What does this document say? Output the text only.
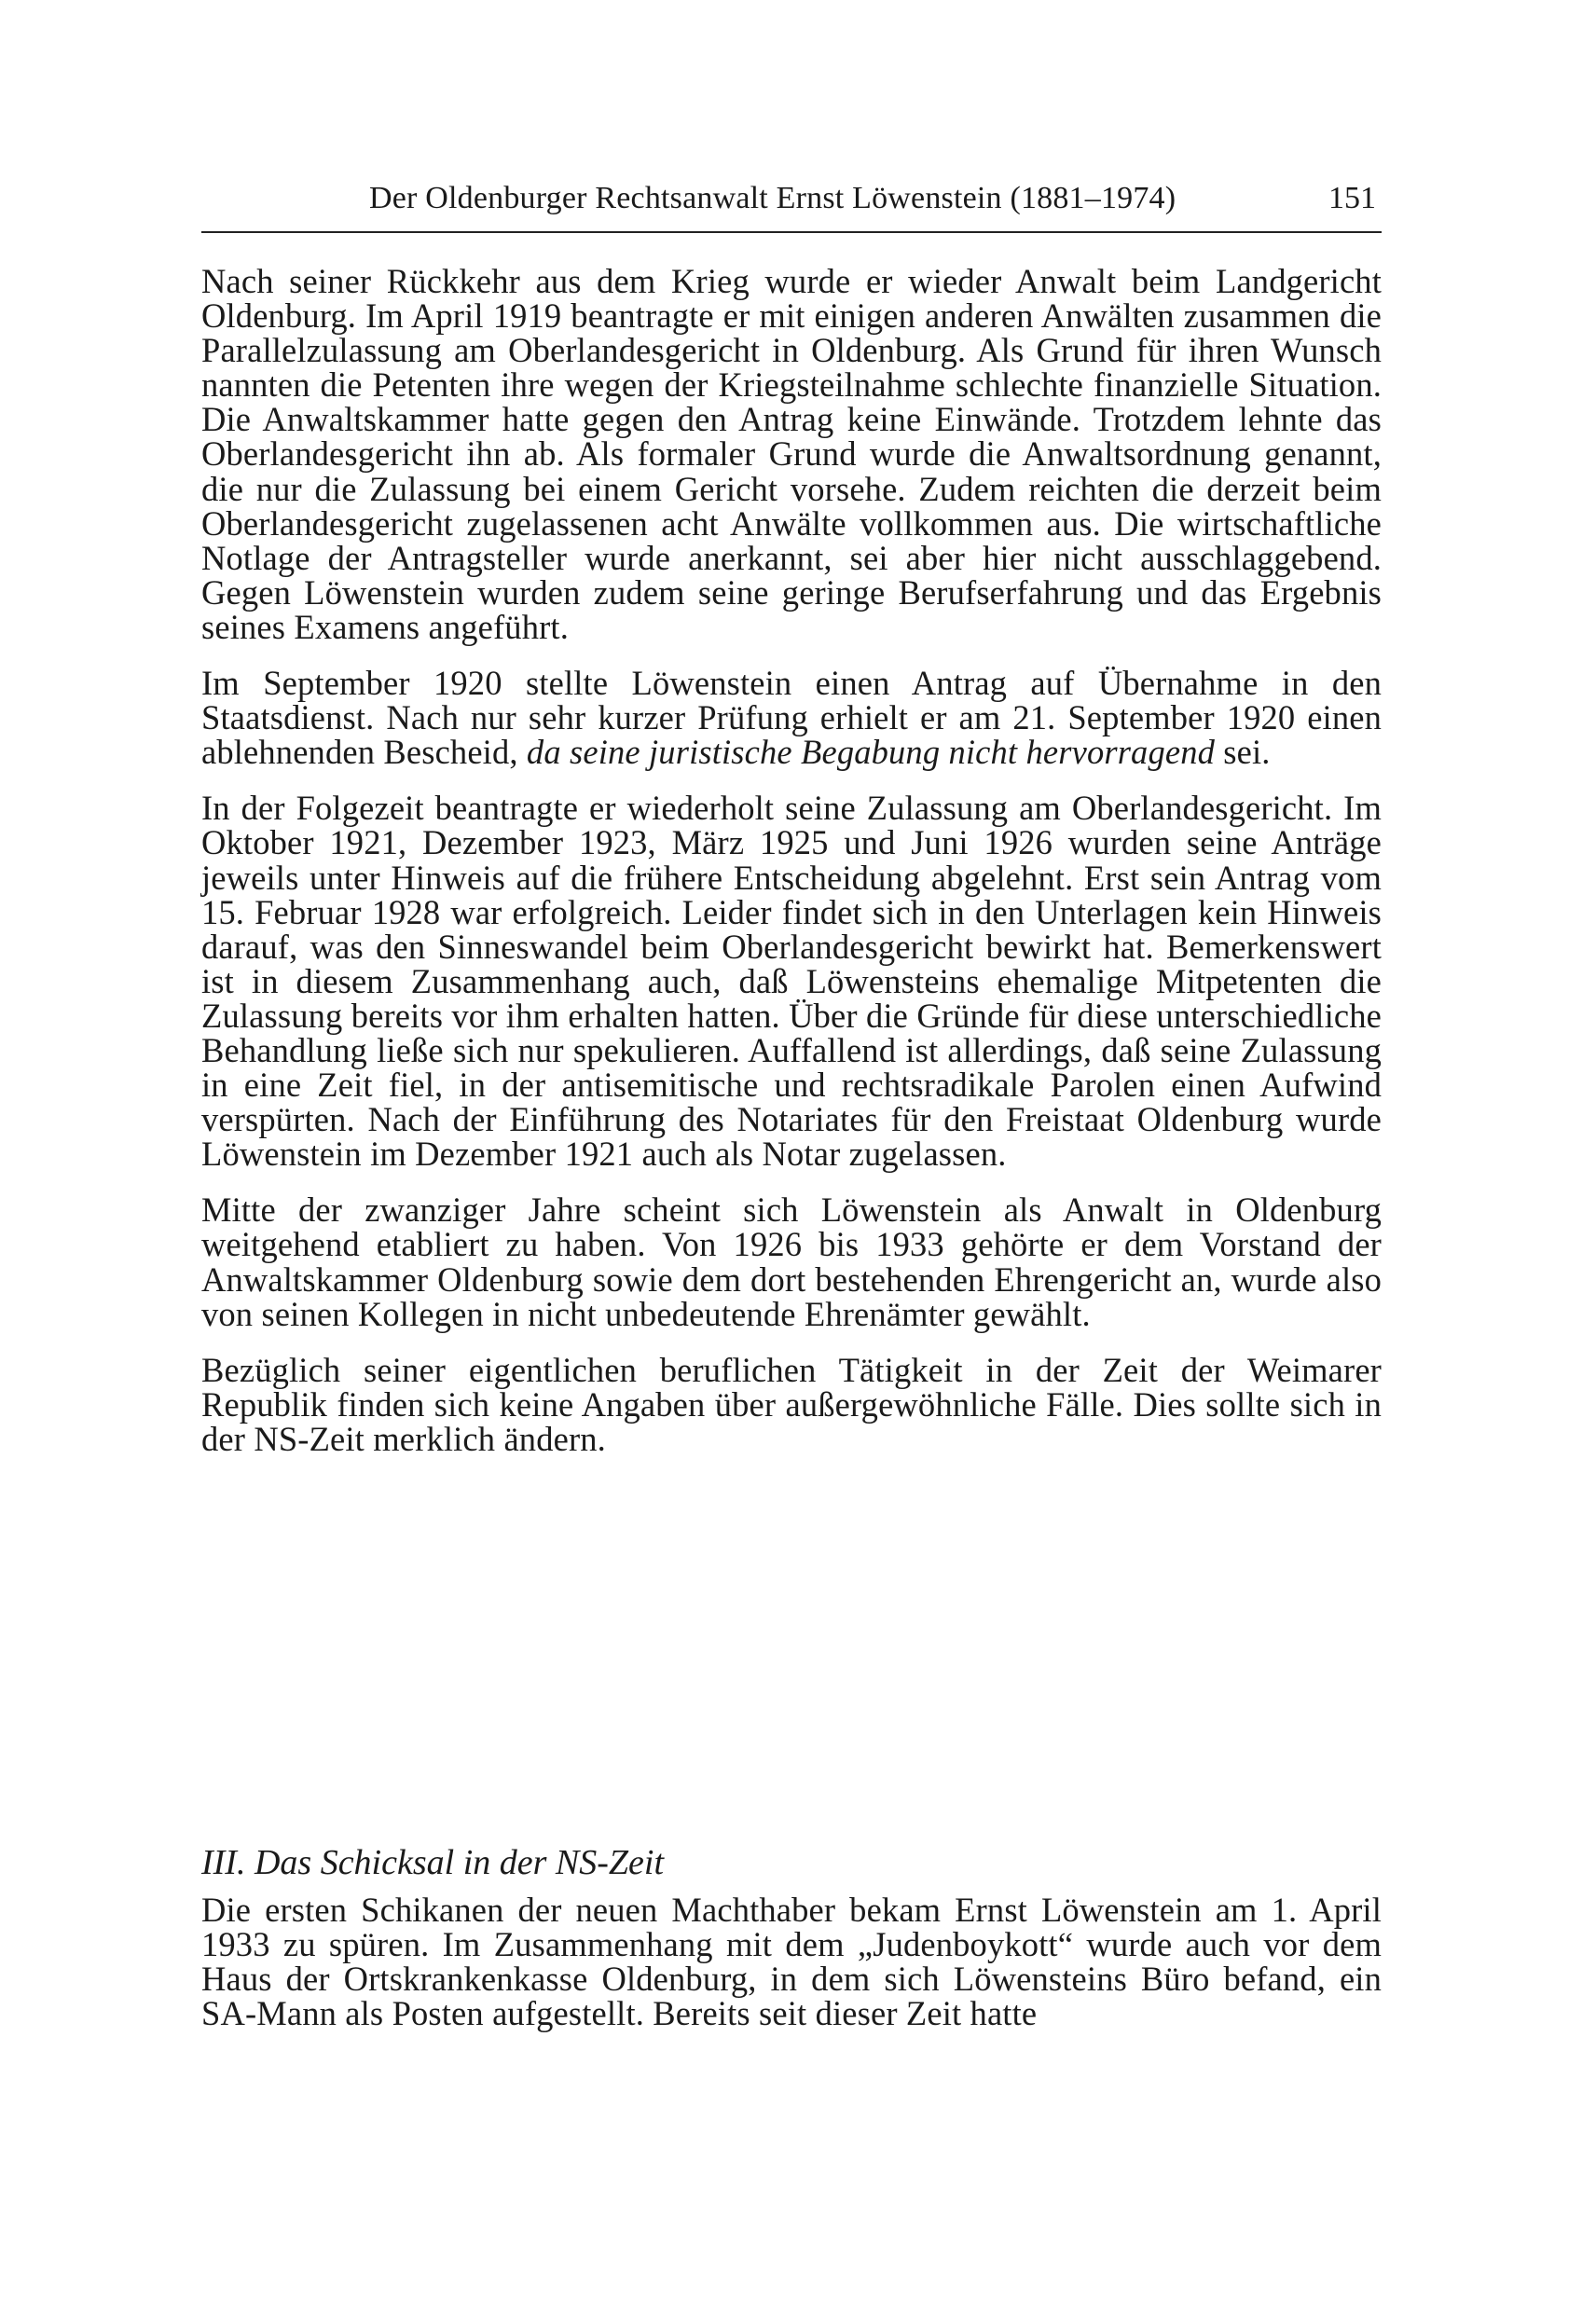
Der Oldenburger Rechtsanwalt Ernst Löwenstein (1881–1974)	151

Nach seiner Rückkehr aus dem Krieg wurde er wieder Anwalt beim Landgericht Oldenburg. Im April 1919 beantragte er mit einigen anderen Anwälten zusammen die Parallelzulassung am Oberlandesgericht in Oldenburg. Als Grund für ihren Wunsch nannten die Petenten ihre wegen der Kriegsteilnahme schlechte finanzielle Situation. Die Anwaltskammer hatte gegen den Antrag keine Einwände. Trotzdem lehnte das Oberlandesgericht ihn ab. Als formaler Grund wurde die Anwaltsordnung genannt, die nur die Zulassung bei einem Gericht vorsehe. Zudem reichten die derzeit beim Oberlandesgericht zugelassenen acht Anwälte vollkommen aus. Die wirtschaftliche Notlage der Antragsteller wurde anerkannt, sei aber hier nicht ausschlaggebend. Gegen Löwenstein wurden zudem seine geringe Berufserfahrung und das Ergebnis seines Examens angeführt.

Im September 1920 stellte Löwenstein einen Antrag auf Übernahme in den Staatsdienst. Nach nur sehr kurzer Prüfung erhielt er am 21. September 1920 einen ablehnenden Bescheid, da seine juristische Begabung nicht hervorragend sei.

In der Folgezeit beantragte er wiederholt seine Zulassung am Oberlandesgericht. Im Oktober 1921, Dezember 1923, März 1925 und Juni 1926 wurden seine Anträge jeweils unter Hinweis auf die frühere Entscheidung abgelehnt. Erst sein Antrag vom 15. Februar 1928 war erfolgreich. Leider findet sich in den Unterlagen kein Hinweis darauf, was den Sinneswandel beim Oberlandesgericht bewirkt hat. Bemerkenswert ist in diesem Zusammenhang auch, daß Löwensteins ehemalige Mitpetenten die Zulassung bereits vor ihm erhalten hatten. Über die Gründe für diese unterschiedliche Behandlung ließe sich nur spekulieren. Auffallend ist allerdings, daß seine Zulassung in eine Zeit fiel, in der antisemitische und rechtsradikale Parolen einen Aufwind verspürten. Nach der Einführung des Notariates für den Freistaat Oldenburg wurde Löwenstein im Dezember 1921 auch als Notar zugelassen.

Mitte der zwanziger Jahre scheint sich Löwenstein als Anwalt in Oldenburg weitgehend etabliert zu haben. Von 1926 bis 1933 gehörte er dem Vorstand der Anwaltskammer Oldenburg sowie dem dort bestehenden Ehrengericht an, wurde also von seinen Kollegen in nicht unbedeutende Ehrenämter gewählt.

Bezüglich seiner eigentlichen beruflichen Tätigkeit in der Zeit der Weimarer Republik finden sich keine Angaben über außergewöhnliche Fälle. Dies sollte sich in der NS-Zeit merklich ändern.

III. Das Schicksal in der NS-Zeit

Die ersten Schikanen der neuen Machthaber bekam Ernst Löwenstein am 1. April 1933 zu spüren. Im Zusammenhang mit dem „Judenboykott“ wurde auch vor dem Haus der Ortskrankenkasse Oldenburg, in dem sich Löwensteins Büro befand, ein SA-Mann als Posten aufgestellt. Bereits seit dieser Zeit hatte
